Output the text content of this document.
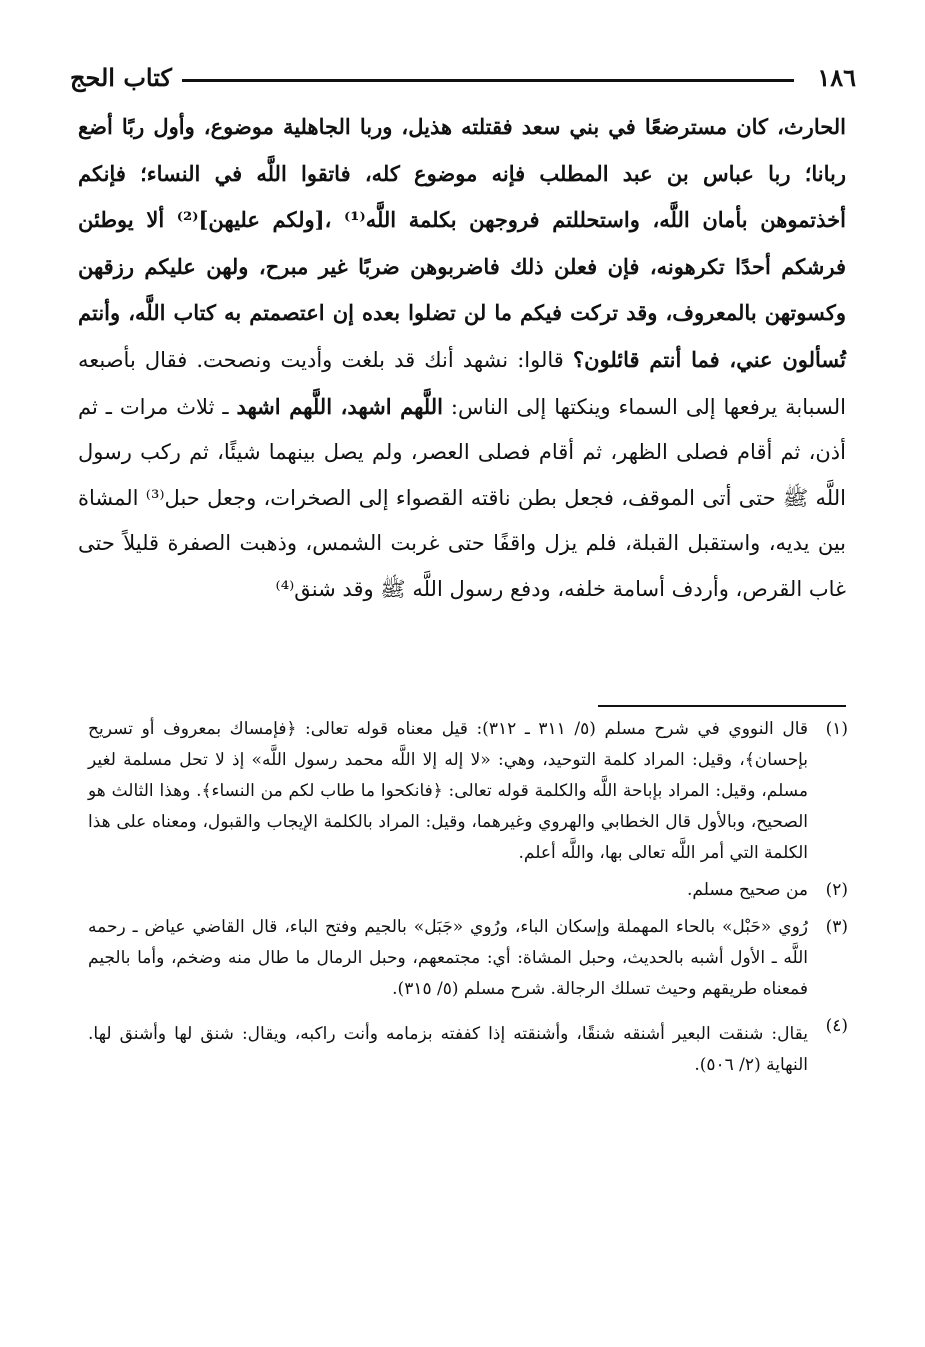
١٨٦
كتاب الحج

الحارث، كان مسترضعًا في بني سعد فقتلته هذيل، وربا الجاهلية موضوع، وأول ربًا أضع ربانا؛ ربا عباس بن عبد المطلب فإنه موضوع كله، فاتقوا اللَّه في النساء؛ فإنكم أخذتموهن بأمان اللَّه، واستحللتم فروجهن بكلمة اللَّه⁽¹⁾ ،[ولكم عليهن]⁽²⁾ ألا يوطئن فرشكم أحدًا تكرهونه، فإن فعلن ذلك فاضربوهن ضربًا غير مبرح، ولهن عليكم رزقهن وكسوتهن بالمعروف، وقد تركت فيكم ما لن تضلوا بعده إن اعتصمتم به كتاب اللَّه، وأنتم تُسألون عني، فما أنتم قائلون؟ قالوا: نشهد أنك قد بلغت وأديت ونصحت. فقال بأصبعه السبابة يرفعها إلى السماء وينكتها إلى الناس: اللَّهم اشهد، اللَّهم اشهد ـ ثلاث مرات ـ ثم أذن، ثم أقام فصلى الظهر، ثم أقام فصلى العصر، ولم يصل بينهما شيئًا، ثم ركب رسول اللَّه ﷺ حتى أتى الموقف، فجعل بطن ناقته القصواء إلى الصخرات، وجعل حبل⁽³⁾ المشاة بين يديه، واستقبل القبلة، فلم يزل واقفًا حتى غربت الشمس، وذهبت الصفرة قليلاً حتى غاب القرص، وأردف أسامة خلفه، ودفع رسول اللَّه ﷺ وقد شنق⁽⁴⁾

(١)
قال النووي في شرح مسلم (٥/ ٣١١ ـ ٣١٢): قيل معناه قوله تعالى: ﴿فإمساك بمعروف أو تسريح بإحسان﴾، وقيل: المراد كلمة التوحيد، وهي: «لا إله إلا اللَّه محمد رسول اللَّه» إذ لا تحل مسلمة لغير مسلم، وقيل: المراد بإباحة اللَّه والكلمة قوله تعالى: ﴿فانكحوا ما طاب لكم من النساء﴾. وهذا الثالث هو الصحيح، وبالأول قال الخطابي والهروي وغيرهما، وقيل: المراد بالكلمة الإيجاب والقبول، ومعناه على هذا الكلمة التي أمر اللَّه تعالى بها، واللَّه أعلم.
(٢)
من صحيح مسلم.
(٣)
رُوي «حَبْل» بالحاء المهملة وإسكان الباء، ورُوي «جَبَل» بالجيم وفتح الباء، قال القاضي عياض ـ رحمه اللَّه ـ الأول أشبه بالحديث، وحبل المشاة: أي: مجتمعهم، وحبل الرمال ما طال منه وضخم، وأما بالجيم فمعناه طريقهم وحيث تسلك الرجالة. شرح مسلم (٥/ ٣١٥).
(٤)
يقال: شنقت البعير أشنقه شنقًا، وأشنقته إذا كففته بزمامه وأنت راكبه، ويقال: شنق لها وأشنق لها. النهاية (٢/ ٥٠٦).
